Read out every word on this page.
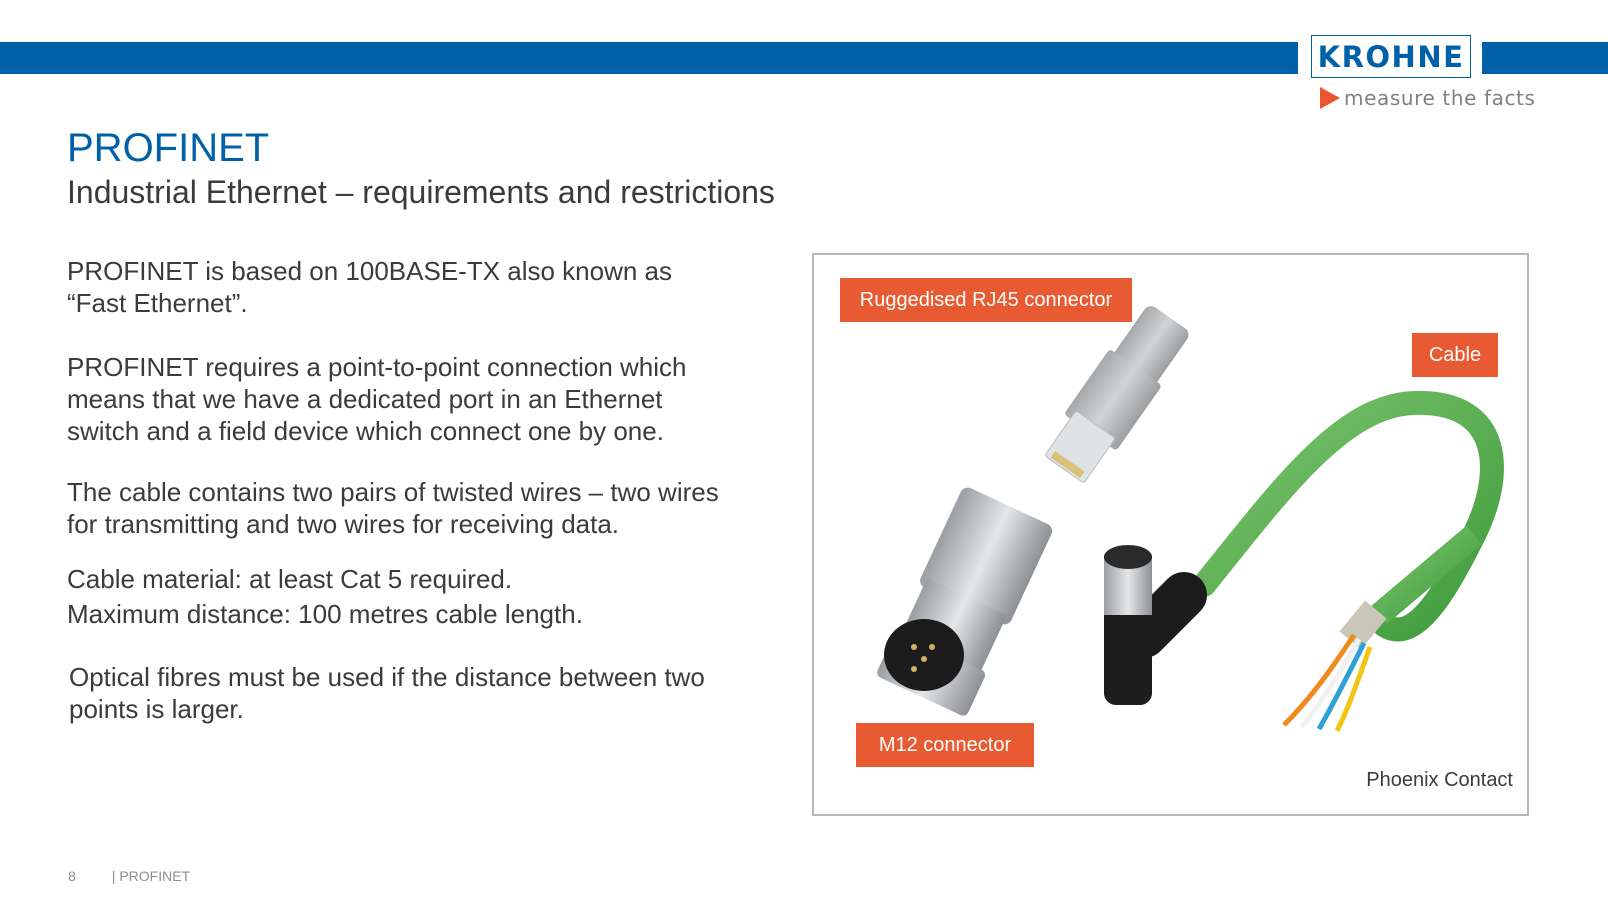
KROHNE
measure the facts
PROFINET
Industrial Ethernet – requirements and restrictions

PROFINET is based on 100BASE-TX also known as “Fast Ethernet”.

PROFINET requires a point-to-point connection which means that we have a dedicated port in an Ethernet switch and a field device which connect one by one.

The cable contains two pairs of twisted wires – two wires for transmitting and two wires for receiving data.

Cable material: at least Cat 5 required.

Maximum distance: 100 metres cable length.

Optical fibres must be used if the distance between two points is larger.

Ruggedised RJ45 connector
Cable
M12 connector
Phoenix Contact
8	| PROFINET
